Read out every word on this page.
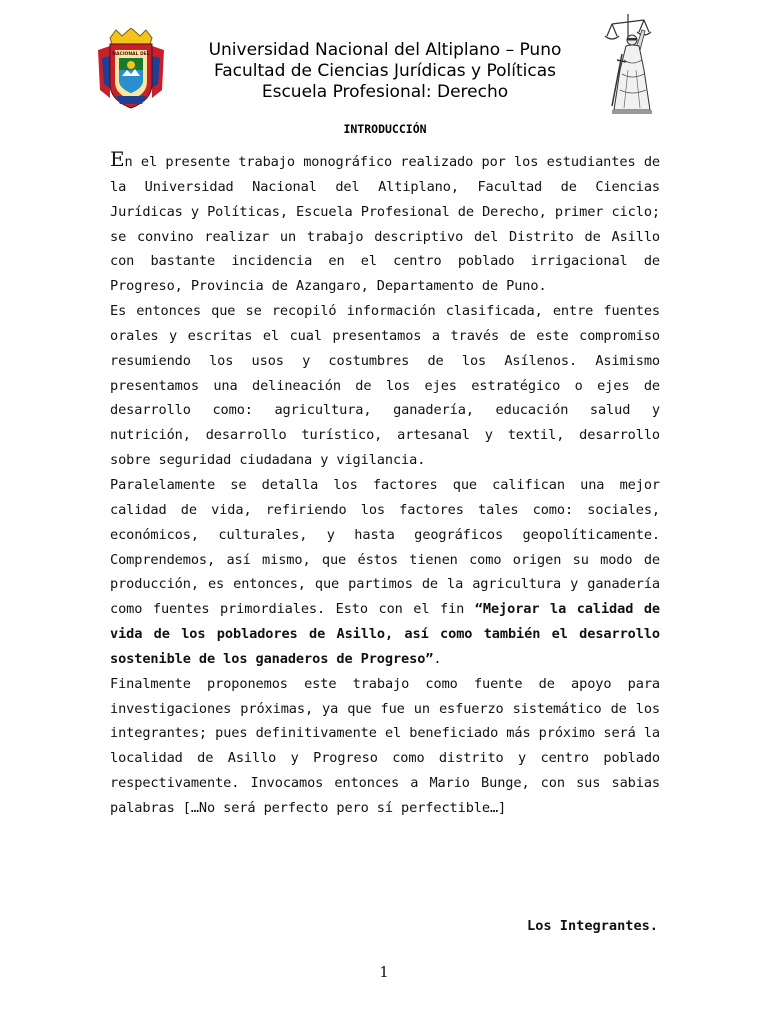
NACIONAL DEL	Universidad Nacional del Altiplano – Puno
Facultad de Ciencias Jurídicas y Políticas
Escuela Profesional: Derecho
INTRODUCCIÓN

En el presente trabajo monográfico realizado por los estudiantes de la Universidad Nacional del Altiplano, Facultad de Ciencias Jurídicas y Políticas, Escuela Profesional de Derecho, primer ciclo; se convino realizar un trabajo descriptivo del Distrito de Asillo con bastante incidencia en el centro poblado irrigacional de Progreso, Provincia de Azangaro, Departamento de Puno.

Es entonces que se recopiló información clasificada, entre fuentes orales y escritas el cual presentamos a través de este compromiso resumiendo los usos y costumbres de los Asílenos. Asimismo presentamos una delineación de los ejes estratégico o ejes de desarrollo como: agricultura, ganadería, educación salud y nutrición, desarrollo turístico, artesanal y textil, desarrollo sobre seguridad ciudadana y vigilancia.

Paralelamente se detalla los factores que califican una mejor calidad de vida, refiriendo los factores tales como: sociales, económicos, culturales, y hasta geográficos geopolíticamente. Comprendemos, así mismo, que éstos tienen como origen su modo de producción, es entonces, que partimos de la agricultura y ganadería como fuentes primordiales. Esto con el fin “Mejorar la calidad de vida de los pobladores de Asillo, así como también el desarrollo sostenible de los ganaderos de Progreso”.

Finalmente proponemos este trabajo como fuente de apoyo para investigaciones próximas, ya que fue un esfuerzo sistemático de los integrantes; pues definitivamente el beneficiado más próximo será la localidad de Asillo y Progreso como distrito y centro poblado respectivamente. Invocamos entonces a Mario Bunge, con sus sabias palabras […No será perfecto pero sí perfectible…]

Los Integrantes.
1
